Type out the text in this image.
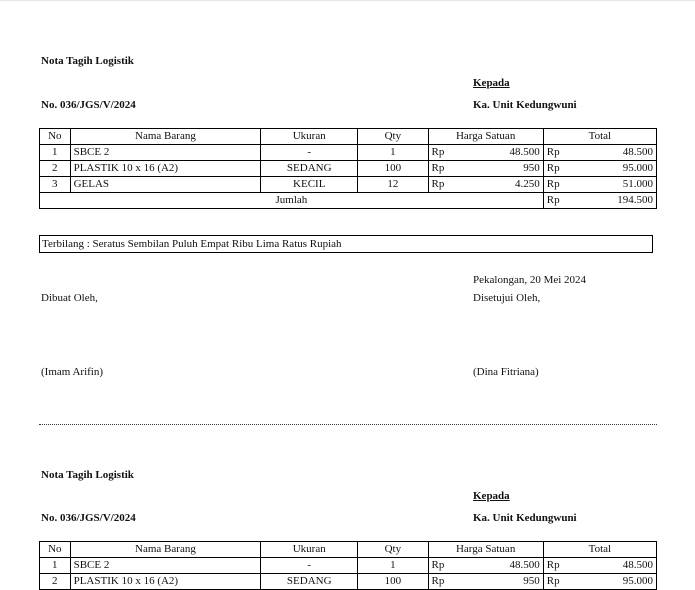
Nota Tagih Logistik
Kepada
No. 036/JGS/V/2024	Ka. Unit Kedungwuni
No	Nama Barang	Ukuran	Qty	Harga Satuan		Total	
1	SBCE 2	-	1	Rp	48.500	Rp	48.500
2	PLASTIK 10 x 16 (A2)	SEDANG	100	Rp	950	Rp	95.000
3	GELAS	KECIL	12	Rp	4.250	Rp	51.000
Jumlah						Rp	194.500
Terbilang : Seratus Sembilan Puluh Empat Ribu Lima Ratus Rupiah
Pekalongan, 20 Mei 2024
Dibuat Oleh,	Disetujui Oleh,
(Imam Arifin)	(Dina Fitriana)
Nota Tagih Logistik
Kepada
No. 036/JGS/V/2024	Ka. Unit Kedungwuni
No	Nama Barang	Ukuran	Qty	Harga Satuan		Total	
1	SBCE 2	-	1	Rp	48.500	Rp	48.500
2	PLASTIK 10 x 16 (A2)	SEDANG	100	Rp	950	Rp	95.000
